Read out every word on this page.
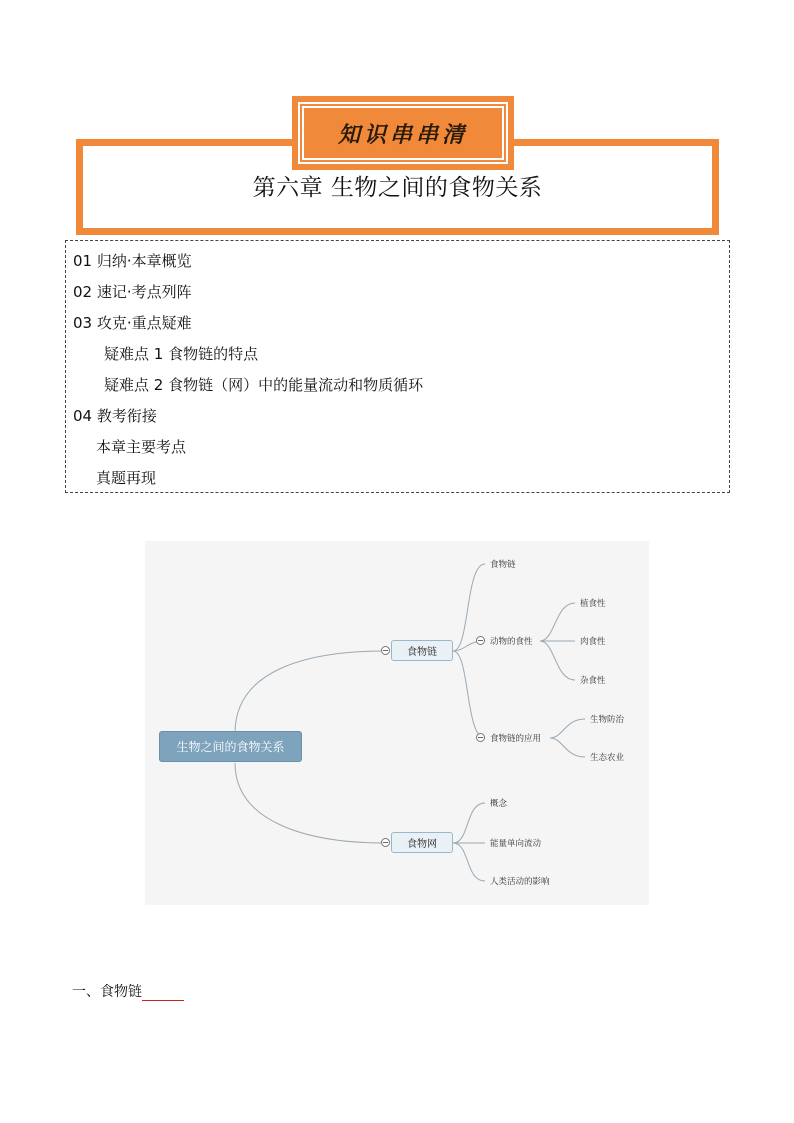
第六章 生物之间的食物关系
知识串串清
01 归纳·本章概览
02 速记·考点列阵
03 攻克·重点疑难
疑难点 1 食物链的特点
疑难点 2 食物链（网）中的能量流动和物质循环
04 教考衔接
本章主要考点
真题再现
生物之间的食物关系
食物链
食物网
食物链
动物的食性
植食性
肉食性
杂食性
食物链的应用
生物防治
生态农业
概念
能量单向流动
人类活动的影响
一、食物链
